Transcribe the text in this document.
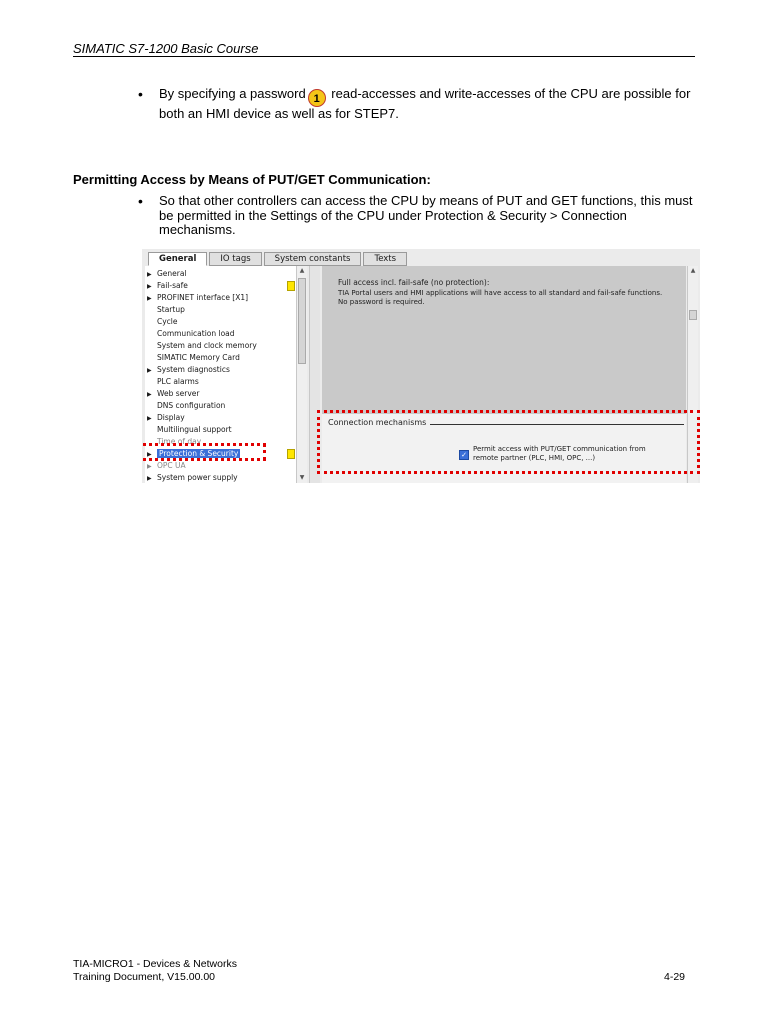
SIMATIC S7-1200 Basic Course
• By specifying a password 1 read-accesses and write-accesses of the CPU are possible for both an HMI device as well as for STEP7.
Permitting Access by Means of PUT/GET Communication:
• So that other controllers can access the CPU by means of PUT and GET functions, this must be permitted in the Settings of the CPU under Protection & Security > Connection mechanisms.
General	IO tags	System constants	Texts
▶ General
▶ Fail-safe
▶ PROFINET interface [X1]
Startup
Cycle
Communication load
System and clock memory
SIMATIC Memory Card
▶ System diagnostics
PLC alarms
▶ Web server
DNS configuration
▶ Display
Multilingual support
Time of day
▶ Protection & Security
▶ OPC UA
▶ System power supply
▲
▼
Full access incl. fail-safe (no protection):
TIA Portal users and HMI applications will have access to all standard and fail-safe functions.
No password is required.
Connection mechanisms
✓
Permit access with PUT/GET communication from remote partner (PLC, HMI, OPC, ...)
▲
TIA-MICRO1 - Devices & Networks
Training Document, V15.00.00	4-29
